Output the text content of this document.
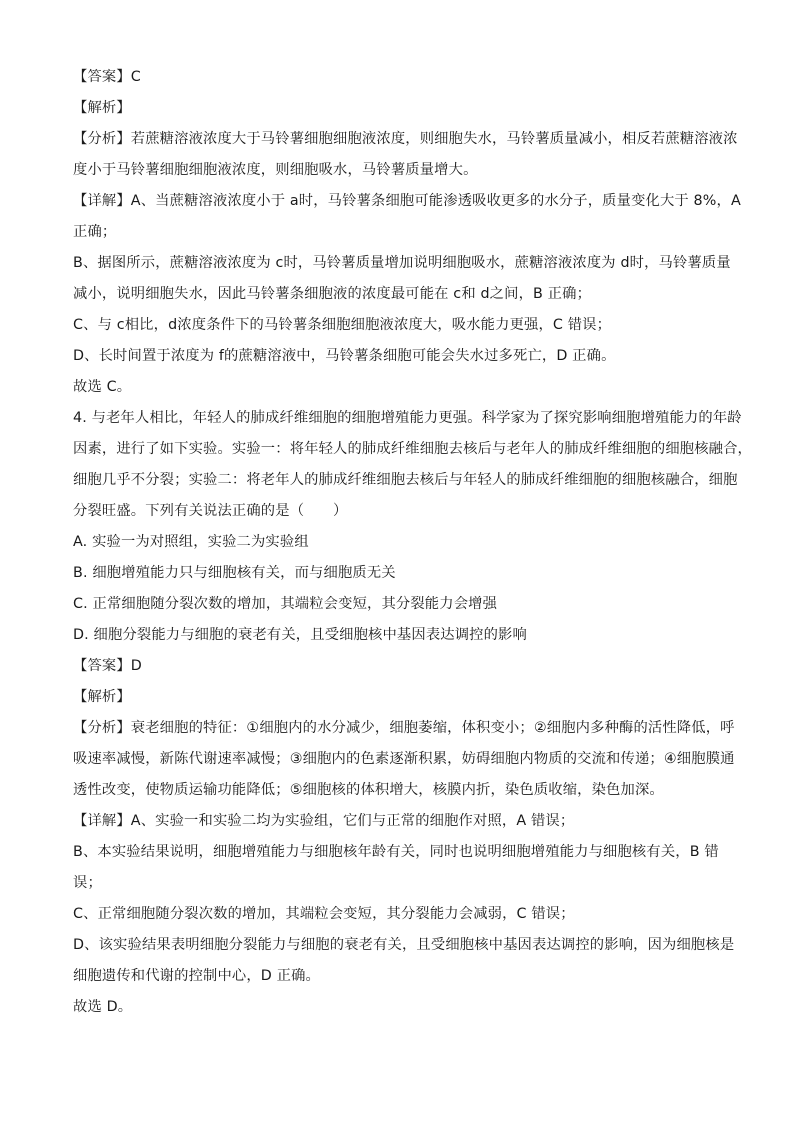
【答案】C
【解析】
【分析】若蔗糖溶液浓度大于马铃薯细胞细胞液浓度，则细胞失水，马铃薯质量减小，相反若蔗糖溶液浓
度小于马铃薯细胞细胞液浓度，则细胞吸水，马铃薯质量增大。
【详解】A、当蔗糖溶液浓度小于 a时，马铃薯条细胞可能渗透吸收更多的水分子，质量变化大于 8%，A
正确；
B、据图所示，蔗糖溶液浓度为 c时，马铃薯质量增加说明细胞吸水，蔗糖溶液浓度为 d时，马铃薯质量
减小，说明细胞失水，因此马铃薯条细胞液的浓度最可能在 c和 d之间，B 正确；
C、与 c相比，d浓度条件下的马铃薯条细胞细胞液浓度大，吸水能力更强，C 错误；
D、长时间置于浓度为 f的蔗糖溶液中，马铃薯条细胞可能会失水过多死亡，D 正确。
故选 C。
4. 与老年人相比，年轻人的肺成纤维细胞的细胞增殖能力更强。科学家为了探究影响细胞增殖能力的年龄
因素，进行了如下实验。实验一：将年轻人的肺成纤维细胞去核后与老年人的肺成纤维细胞的细胞核融合，
细胞几乎不分裂；实验二：将老年人的肺成纤维细胞去核后与年轻人的肺成纤维细胞的细胞核融合，细胞
分裂旺盛。下列有关说法正确的是（　　）
A. 实验一为对照组，实验二为实验组
B. 细胞增殖能力只与细胞核有关，而与细胞质无关
C. 正常细胞随分裂次数的增加，其端粒会变短，其分裂能力会增强
D. 细胞分裂能力与细胞的衰老有关，且受细胞核中基因表达调控的影响
【答案】D
【解析】
【分析】衰老细胞的特征：①细胞内的水分减少，细胞萎缩，体积变小；②细胞内多种酶的活性降低，呼
吸速率减慢，新陈代谢速率减慢；③细胞内的色素逐渐积累，妨碍细胞内物质的交流和传递；④细胞膜通
透性改变，使物质运输功能降低；⑤细胞核的体积增大，核膜内折，染色质收缩，染色加深。
【详解】A、实验一和实验二均为实验组，它们与正常的细胞作对照，A 错误；
B、本实验结果说明，细胞增殖能力与细胞核年龄有关，同时也说明细胞增殖能力与细胞核有关，B 错
误；
C、正常细胞随分裂次数的增加，其端粒会变短，其分裂能力会减弱，C 错误；
D、该实验结果表明细胞分裂能力与细胞的衰老有关，且受细胞核中基因表达调控的影响，因为细胞核是
细胞遗传和代谢的控制中心，D 正确。
故选 D。
